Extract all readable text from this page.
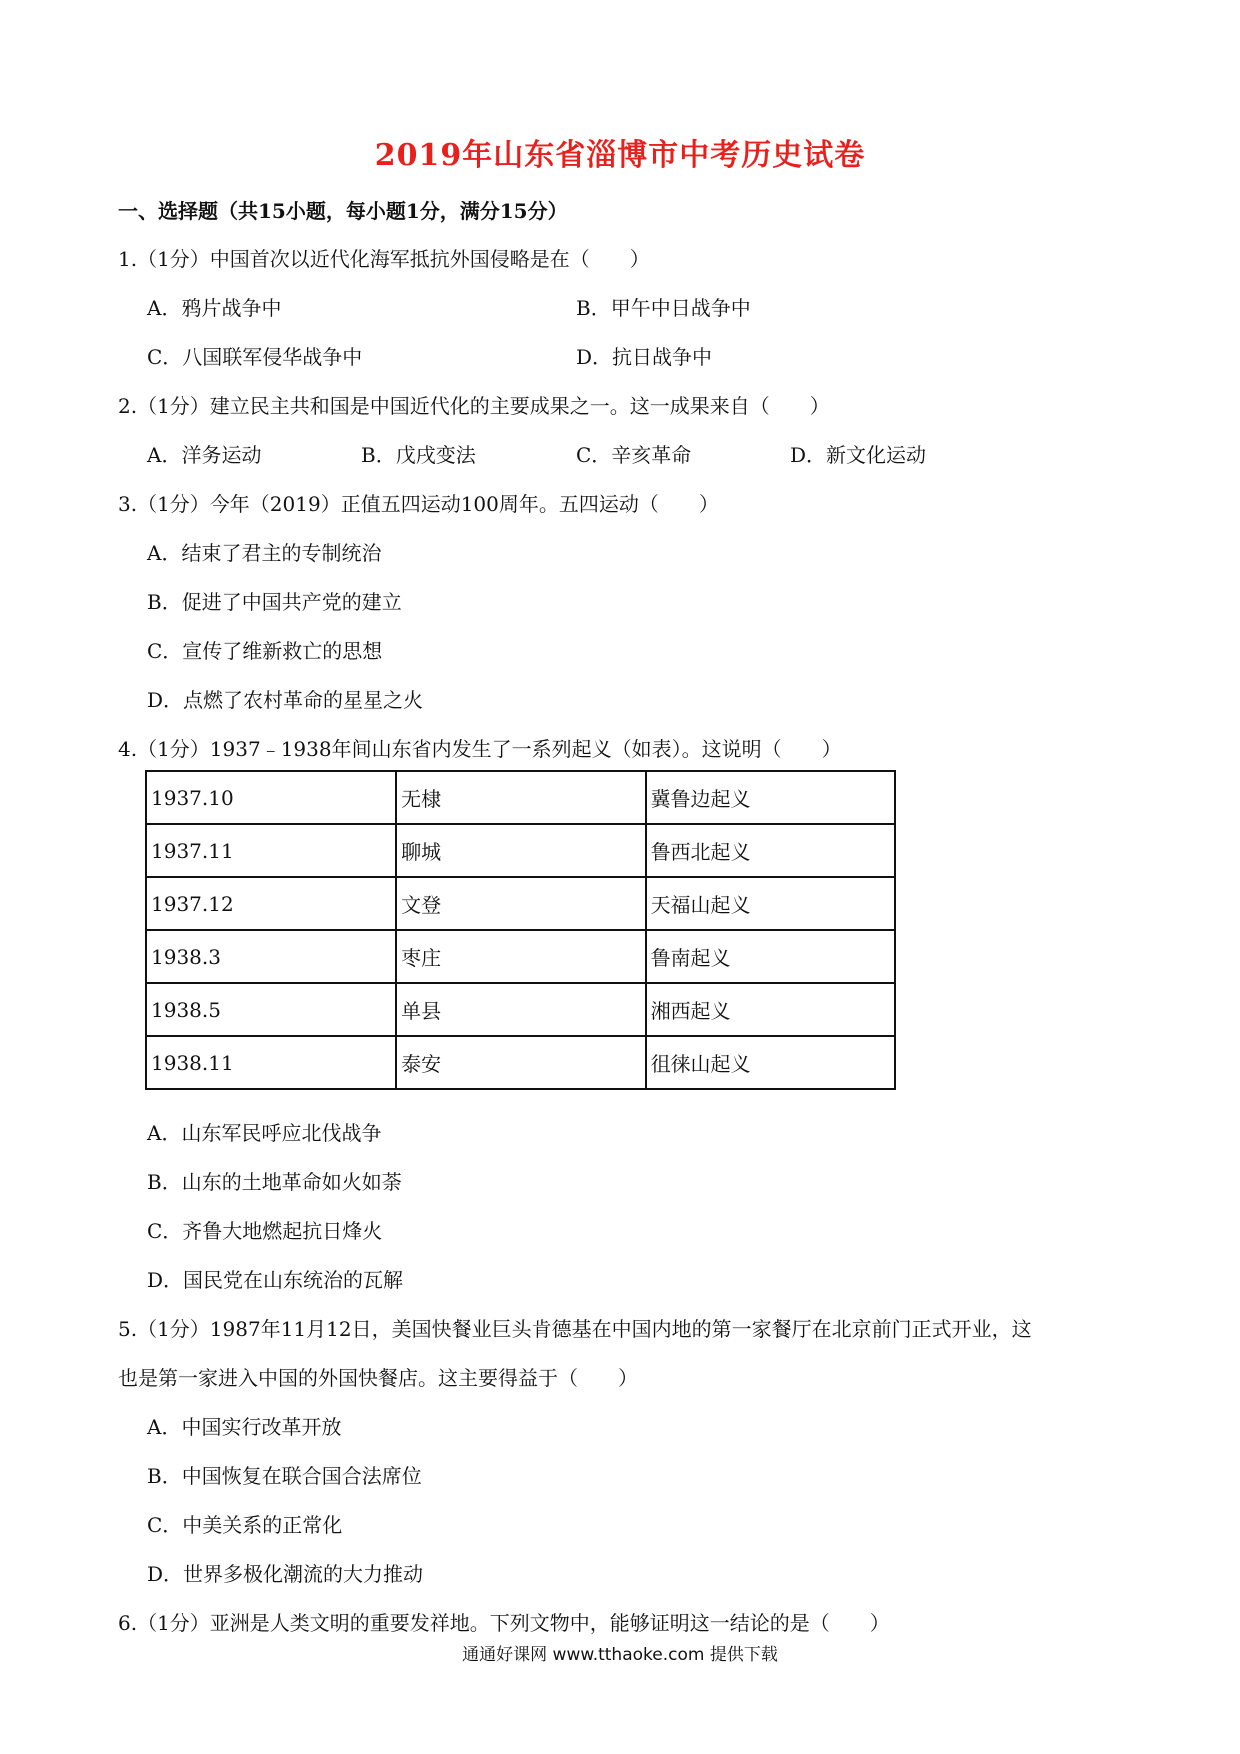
2019年山东省淄博市中考历史试卷
一、选择题（共15小题，每小题1分，满分15分）
1.（1分）中国首次以近代化海军抵抗外国侵略是在（　　）
A．鸦片战争中	B．甲午中日战争中
C．八国联军侵华战争中	D．抗日战争中
2.（1分）建立民主共和国是中国近代化的主要成果之一。这一成果来自（　　）
A．洋务运动	B．戊戌变法	C．辛亥革命	D．新文化运动
3.（1分）今年（2019）正值五四运动100周年。五四运动（　　）
A．结束了君主的专制统治
B．促进了中国共产党的建立
C．宣传了维新救亡的思想
D．点燃了农村革命的星星之火
4.（1分）1937﹣1938年间山东省内发生了一系列起义（如表）。这说明（　　）
1937.10	无棣	冀鲁边起义
1937.11	聊城	鲁西北起义
1937.12	文登	天福山起义
1938.3	枣庄	鲁南起义
1938.5	单县	湘西起义
1938.11	泰安	徂徕山起义
A．山东军民呼应北伐战争
B．山东的土地革命如火如荼
C．齐鲁大地燃起抗日烽火
D．国民党在山东统治的瓦解
5.（1分）1987年11月12日，美国快餐业巨头肯德基在中国内地的第一家餐厅在北京前门正式开业，这
也是第一家进入中国的外国快餐店。这主要得益于（　　）
A．中国实行改革开放
B．中国恢复在联合国合法席位
C．中美关系的正常化
D．世界多极化潮流的大力推动
6.（1分）亚洲是人类文明的重要发祥地。下列文物中，能够证明这一结论的是（　　）
通通好课网 www.tthaoke.com 提供下载
